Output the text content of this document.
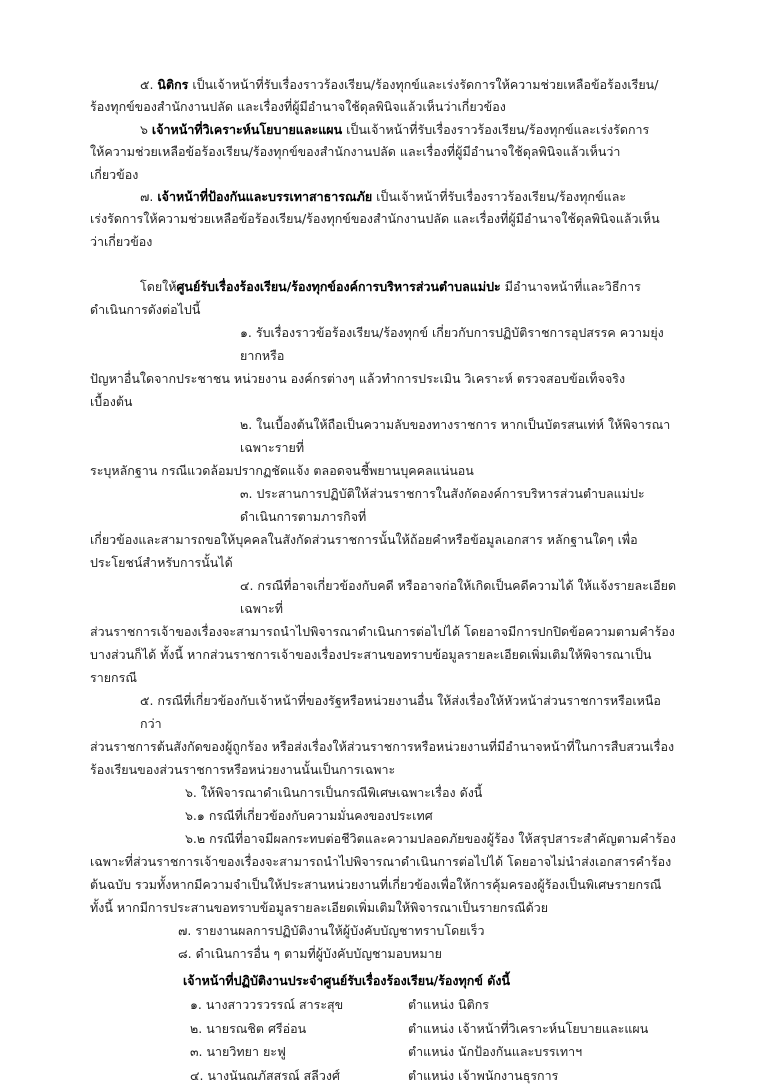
๕. นิติกร เป็นเจ้าหน้าที่รับเรื่องราวร้องเรียน/ร้องทุกข์และเร่งรัดการให้ความช่วยเหลือข้อร้องเรียน/
ร้องทุกข์ของสำนักงานปลัด และเรื่องที่ผู้มีอำนาจใช้ดุลพินิจแล้วเห็นว่าเกี่ยวข้อง
๖ เจ้าหน้าที่วิเคราะห์นโยบายและแผน เป็นเจ้าหน้าที่รับเรื่องราวร้องเรียน/ร้องทุกข์และเร่งรัดการ
ให้ความช่วยเหลือข้อร้องเรียน/ร้องทุกข์ของสำนักงานปลัด และเรื่องที่ผู้มีอำนาจใช้ดุลพินิจแล้วเห็นว่า
เกี่ยวข้อง
๗. เจ้าหน้าที่ป้องกันและบรรเทาสาธารณภัย เป็นเจ้าหน้าที่รับเรื่องราวร้องเรียน/ร้องทุกข์และ
เร่งรัดการให้ความช่วยเหลือข้อร้องเรียน/ร้องทุกข์ของสำนักงานปลัด และเรื่องที่ผู้มีอำนาจใช้ดุลพินิจแล้วเห็น
ว่าเกี่ยวข้อง
โดยให้ศูนย์รับเรื่องร้องเรียน/ร้องทุกข์องค์การบริหารส่วนตำบลแม่ปะ มีอำนาจหน้าที่และวิธีการ
ดำเนินการดังต่อไปนี้
๑. รับเรื่องราวข้อร้องเรียน/ร้องทุกข์ เกี่ยวกับการปฏิบัติราชการอุปสรรค ความยุ่งยากหรือ
ปัญหาอื่นใดจากประชาชน หน่วยงาน องค์กรต่างๆ แล้วทำการประเมิน วิเคราะห์ ตรวจสอบข้อเท็จจริง
เบื้องต้น
๒. ในเบื้องต้นให้ถือเป็นความลับของทางราชการ หากเป็นบัตรสนเท่ห์ ให้พิจารณาเฉพาะรายที่
ระบุหลักฐาน กรณีแวดล้อมปรากฏชัดแจ้ง ตลอดจนชี้พยานบุคคลแน่นอน
๓. ประสานการปฏิบัติให้ส่วนราชการในสังกัดองค์การบริหารส่วนตำบลแม่ปะดำเนินการตามภารกิจที่
เกี่ยวข้องและสามารถขอให้บุคคลในสังกัดส่วนราชการนั้นให้ถ้อยคำหรือข้อมูลเอกสาร หลักฐานใดๆ เพื่อ
ประโยชน์สำหรับการนั้นได้
๔. กรณีที่อาจเกี่ยวข้องกับคดี หรืออาจก่อให้เกิดเป็นคดีความได้ ให้แจ้งรายละเอียดเฉพาะที่
ส่วนราชการเจ้าของเรื่องจะสามารถนำไปพิจารณาดำเนินการต่อไปได้ โดยอาจมีการปกปิดข้อความตามคำร้อง
บางส่วนก็ได้ ทั้งนี้ หากส่วนราชการเจ้าของเรื่องประสานขอทราบข้อมูลรายละเอียดเพิ่มเติมให้พิจารณาเป็น
รายกรณี
๕. กรณีที่เกี่ยวข้องกับเจ้าหน้าที่ของรัฐหรือหน่วยงานอื่น ให้ส่งเรื่องให้หัวหน้าส่วนราชการหรือเหนือกว่า
ส่วนราชการต้นสังกัดของผู้ถูกร้อง หรือส่งเรื่องให้ส่วนราชการหรือหน่วยงานที่มีอำนาจหน้าที่ในการสืบสวนเรื่อง
ร้องเรียนของส่วนราชการหรือหน่วยงานนั้นเป็นการเฉพาะ
๖. ให้พิจารณาดำเนินการเป็นกรณีพิเศษเฉพาะเรื่อง ดังนี้
๖.๑ กรณีที่เกี่ยวข้องกับความมั่นคงของประเทศ
๖.๒ กรณีที่อาจมีผลกระทบต่อชีวิตและความปลอดภัยของผู้ร้อง ให้สรุปสาระสำคัญตามคำร้อง
เฉพาะที่ส่วนราชการเจ้าของเรื่องจะสามารถนำไปพิจารณาดำเนินการต่อไปได้ โดยอาจไม่นำส่งเอกสารคำร้อง
ต้นฉบับ รวมทั้งหากมีความจำเป็นให้ประสานหน่วยงานที่เกี่ยวข้องเพื่อให้การคุ้มครองผู้ร้องเป็นพิเศษรายกรณี
ทั้งนี้ หากมีการประสานขอทราบข้อมูลรายละเอียดเพิ่มเติมให้พิจารณาเป็นรายกรณีด้วย
๗. รายงานผลการปฏิบัติงานให้ผู้บังคับบัญชาทราบโดยเร็ว
๘. ดำเนินการอื่น ๆ ตามที่ผู้บังคับบัญชามอบหมาย
เจ้าหน้าที่ปฏิบัติงานประจำศูนย์รับเรื่องร้องเรียน/ร้องทุกข์ ดังนี้
๑. นางสาววรวรรณ์ สาระสุข	ตำแหน่ง นิติกร
๒. นายรณชิต ศรีอ่อน	ตำแหน่ง เจ้าหน้าที่วิเคราะห์นโยบายและแผน
๓. นายวิทยา ยะฟู	ตำแหน่ง นักป้องกันและบรรเทาฯ
๔. นางนันณภัสสรณ์ สลีวงศ์	ตำแหน่ง เจ้าพนักงานธุรการ
